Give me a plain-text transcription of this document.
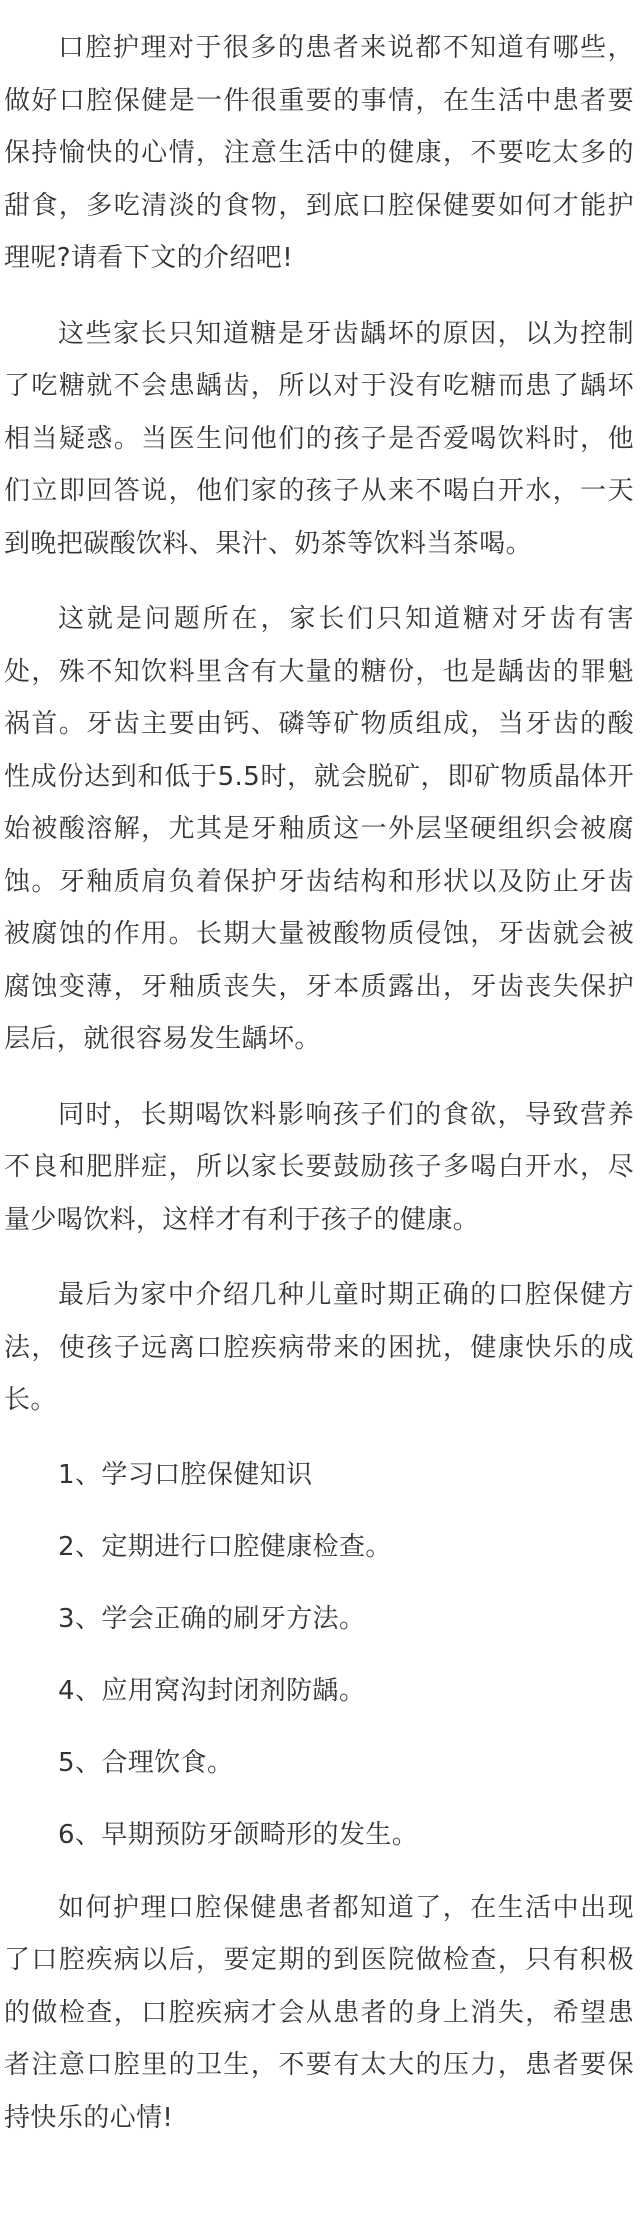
口腔护理对于很多的患者来说都不知道有哪些，做好口腔保健是一件很重要的事情，在生活中患者要保持愉快的心情，注意生活中的健康，不要吃太多的甜食，多吃清淡的食物，到底口腔保健要如何才能护理呢?请看下文的介绍吧!

这些家长只知道糖是牙齿龋坏的原因，以为控制了吃糖就不会患龋齿，所以对于没有吃糖而患了龋坏相当疑惑。当医生问他们的孩子是否爱喝饮料时，他们立即回答说，他们家的孩子从来不喝白开水，一天到晚把碳酸饮料、果汁、奶茶等饮料当茶喝。

这就是问题所在，家长们只知道糖对牙齿有害处，殊不知饮料里含有大量的糖份，也是龋齿的罪魁祸首。牙齿主要由钙、磷等矿物质组成，当牙齿的酸性成份达到和低于5.5时，就会脱矿，即矿物质晶体开始被酸溶解，尤其是牙釉质这一外层坚硬组织会被腐蚀。牙釉质肩负着保护牙齿结构和形状以及防止牙齿被腐蚀的作用。长期大量被酸物质侵蚀，牙齿就会被腐蚀变薄，牙釉质丧失，牙本质露出，牙齿丧失保护层后，就很容易发生龋坏。

同时，长期喝饮料影响孩子们的食欲，导致营养不良和肥胖症，所以家长要鼓励孩子多喝白开水，尽量少喝饮料，这样才有利于孩子的健康。

最后为家中介绍几种儿童时期正确的口腔保健方法，使孩子远离口腔疾病带来的困扰，健康快乐的成长。

1、学习口腔保健知识

2、定期进行口腔健康检查。

3、学会正确的刷牙方法。

4、应用窝沟封闭剂防龋。

5、合理饮食。

6、早期预防牙颌畸形的发生。

如何护理口腔保健患者都知道了，在生活中出现了口腔疾病以后，要定期的到医院做检查，只有积极的做检查，口腔疾病才会从患者的身上消失，希望患者注意口腔里的卫生，不要有太大的压力，患者要保持快乐的心情!
